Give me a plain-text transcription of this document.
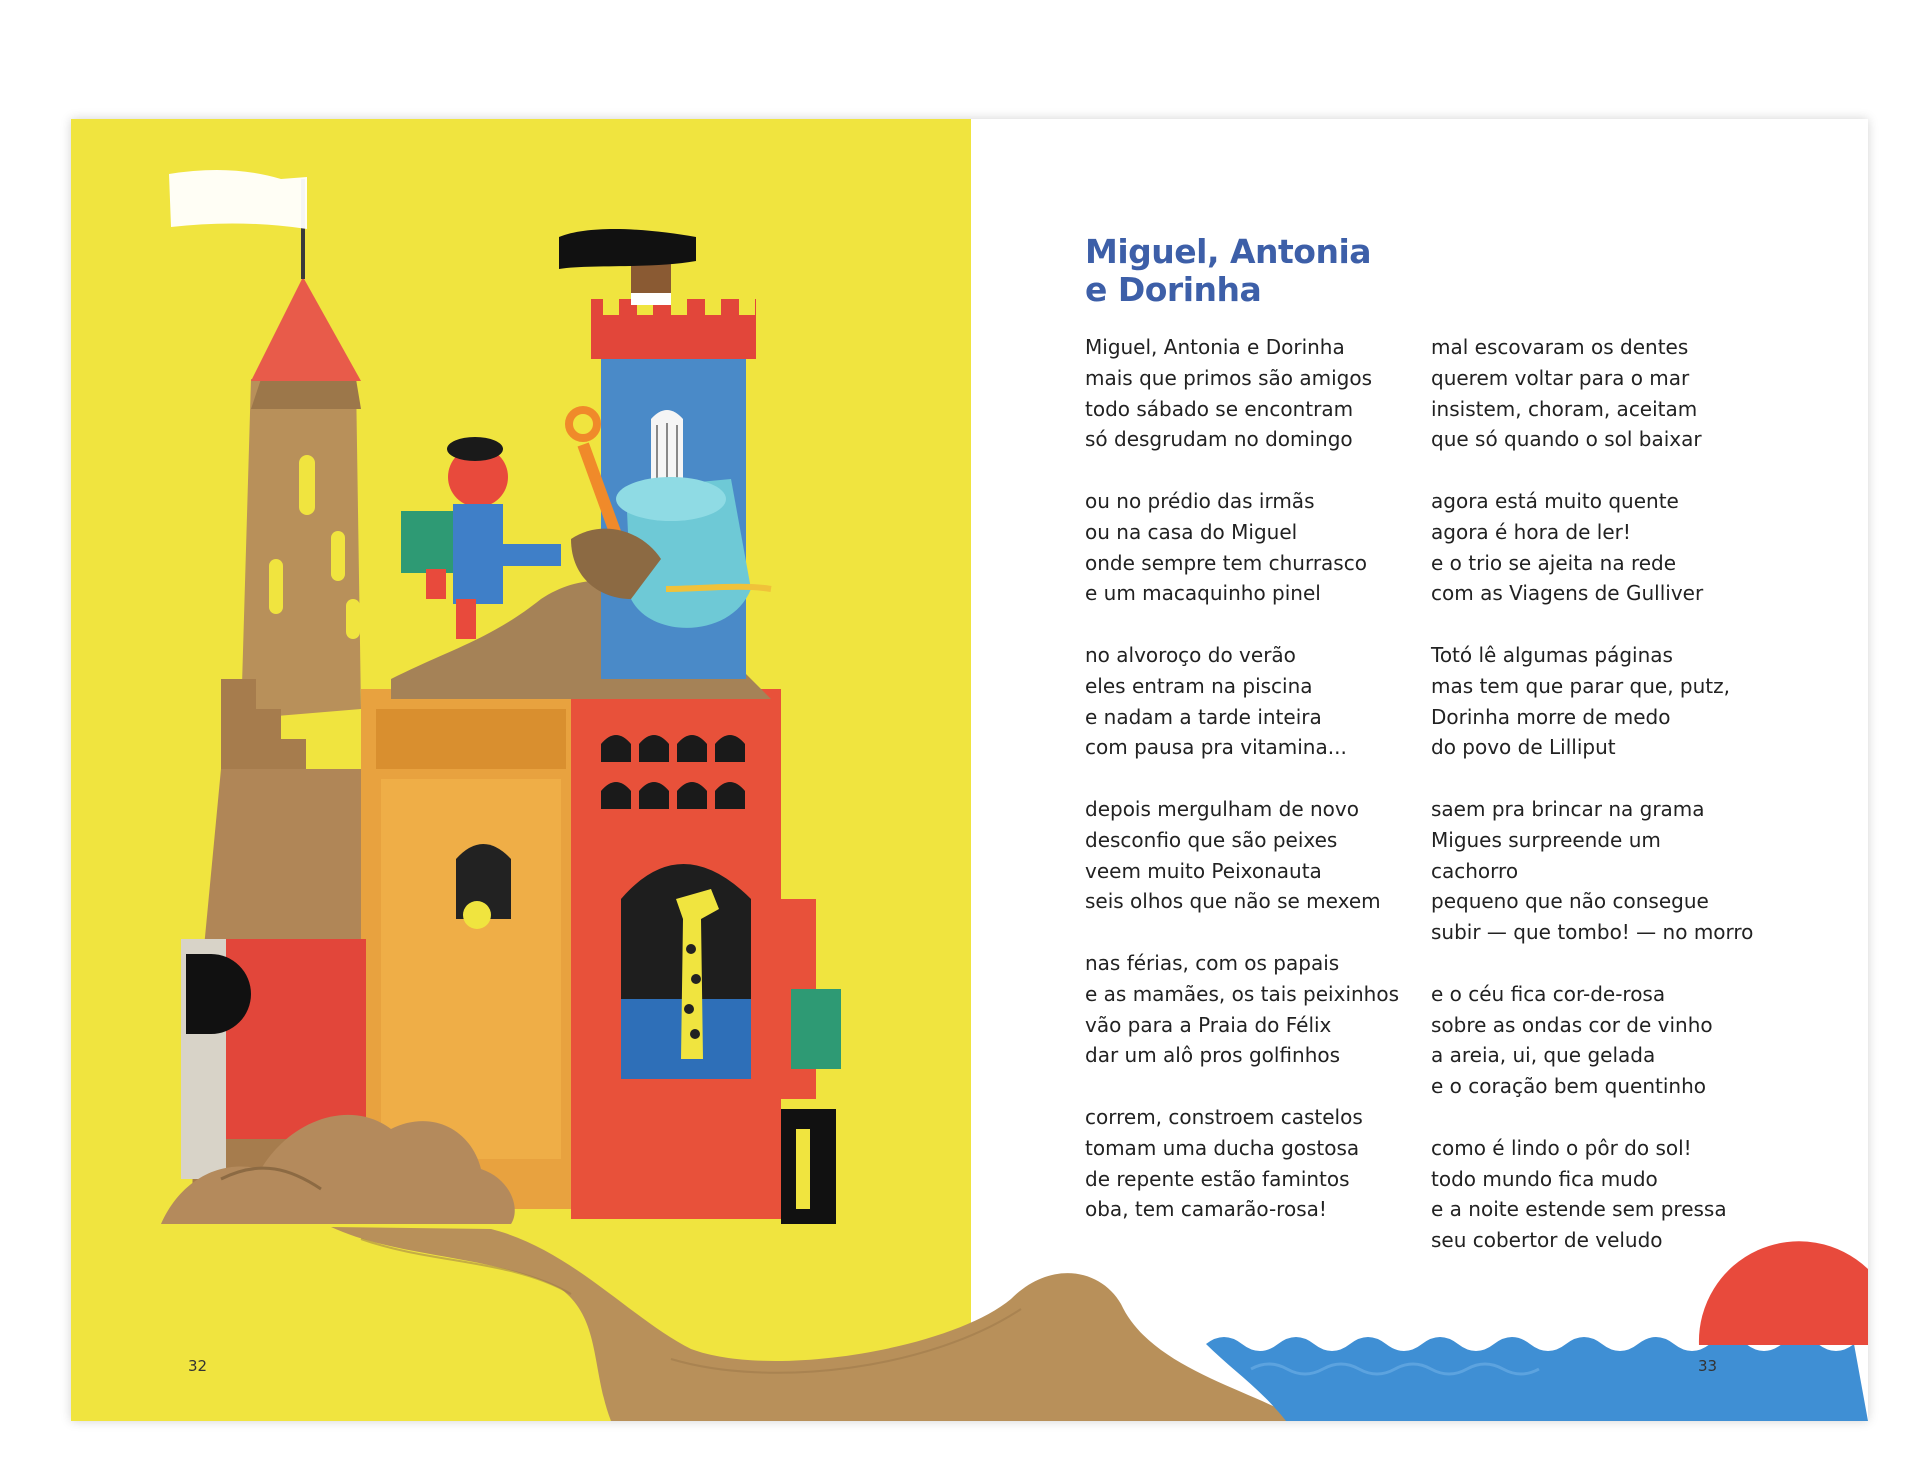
32	33
Miguel, Antonia
e Dorinha
Miguel, Antonia e Dorinha
mais que primos são amigos
todo sábado se encontram
só desgrudam no domingo
ou no prédio das irmãs
ou na casa do Miguel
onde sempre tem churrasco
e um macaquinho pinel
no alvoroço do verão
eles entram na piscina
e nadam a tarde inteira
com pausa pra vitamina...
depois mergulham de novo
desconfio que são peixes
veem muito Peixonauta
seis olhos que não se mexem
nas férias, com os papais
e as mamães, os tais peixinhos
vão para a Praia do Félix
dar um alô pros golfinhos
correm, constroem castelos
tomam uma ducha gostosa
de repente estão famintos
oba, tem camarão-rosa!
mal escovaram os dentes
querem voltar para o mar
insistem, choram, aceitam
que só quando o sol baixar
agora está muito quente
agora é hora de ler!
e o trio se ajeita na rede
com as Viagens de Gulliver
Totó lê algumas páginas
mas tem que parar que, putz,
Dorinha morre de medo
do povo de Lilliput
saem pra brincar na grama
Migues surpreende um
cachorro
pequeno que não consegue
subir — que tombo! — no morro
e o céu fica cor-de-rosa
sobre as ondas cor de vinho
a areia, ui, que gelada
e o coração bem quentinho
como é lindo o pôr do sol!
todo mundo fica mudo
e a noite estende sem pressa
seu cobertor de veludo
